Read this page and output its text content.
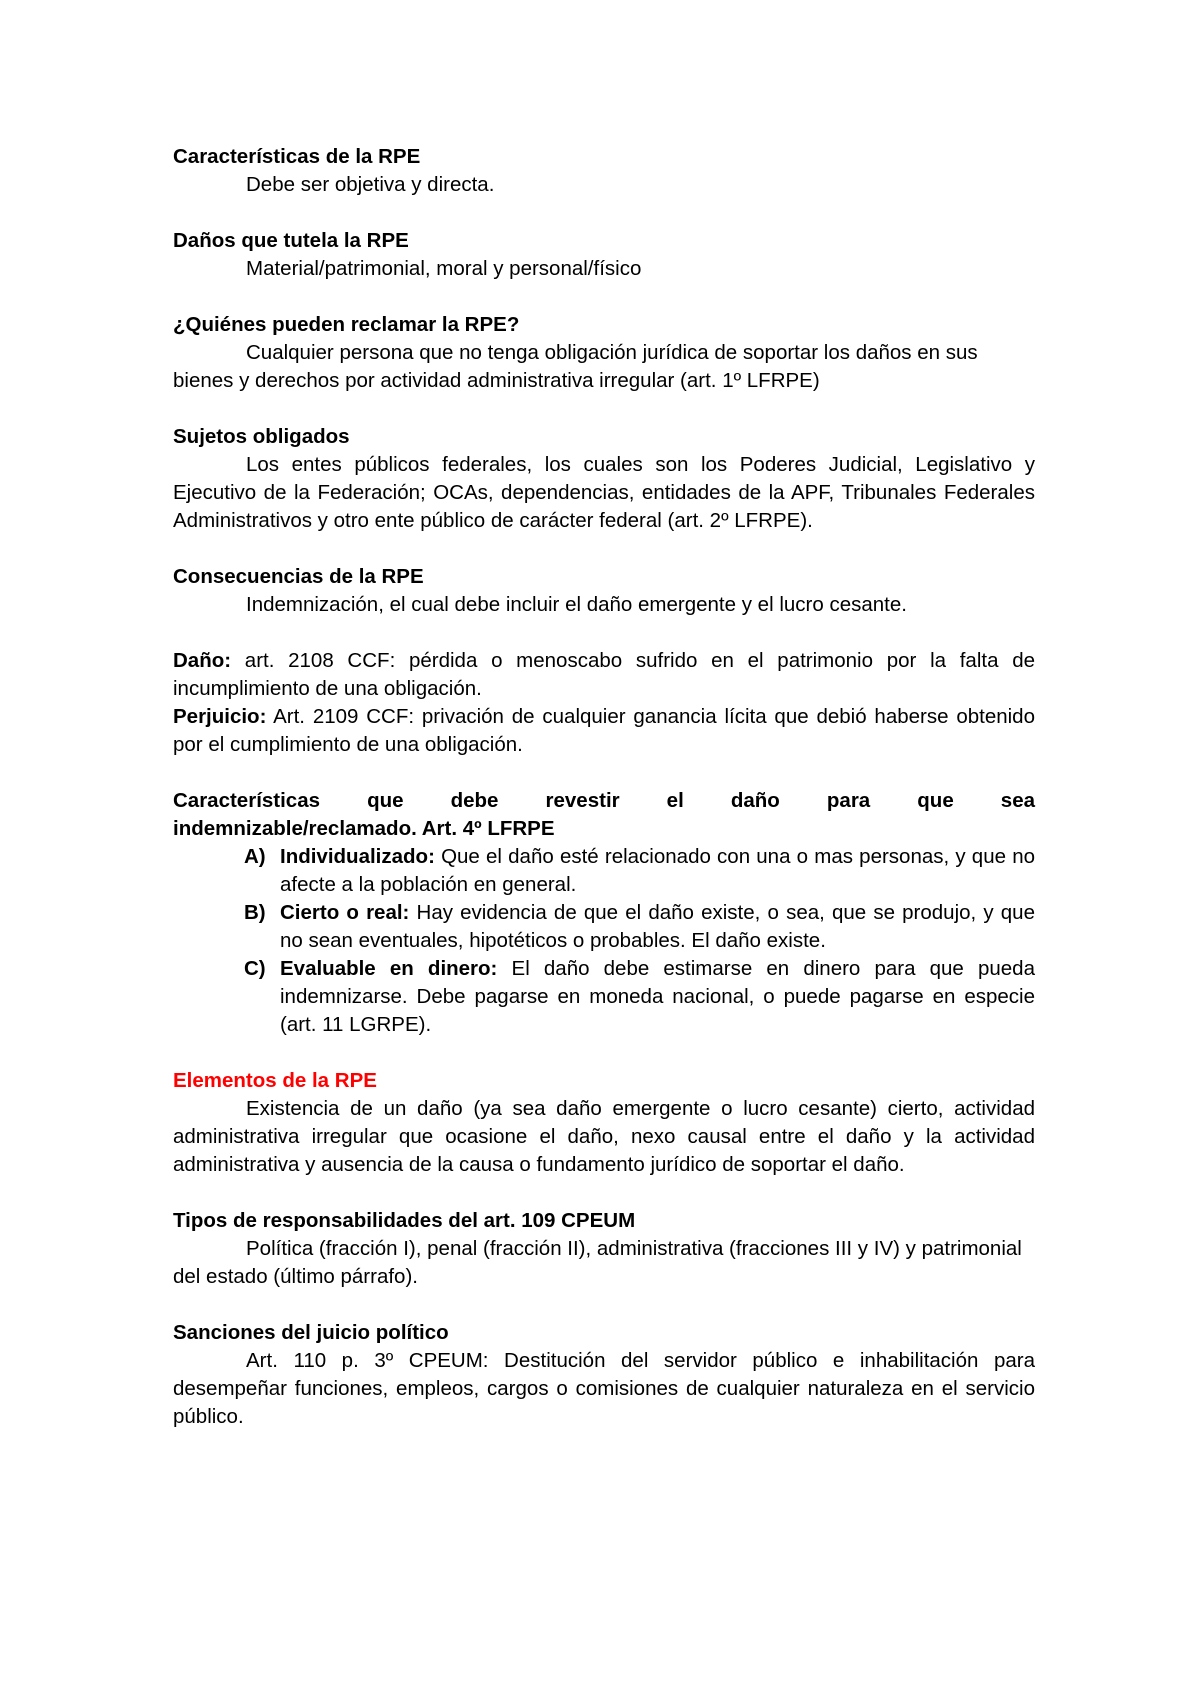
Características de la RPE

Debe ser objetiva y directa.

Daños que tutela la RPE

Material/patrimonial, moral y personal/físico

¿Quiénes pueden reclamar la RPE?

Cualquier persona que no tenga obligación jurídica de soportar los daños en sus bienes y derechos por actividad administrativa irregular (art. 1º LFRPE)

Sujetos obligados

Los entes públicos federales, los cuales son los Poderes Judicial, Legislativo y Ejecutivo de la Federación; OCAs, dependencias, entidades de la APF, Tribunales Federales Administrativos y otro ente público de carácter federal (art. 2º LFRPE).

Consecuencias de la RPE

Indemnización, el cual debe incluir el daño emergente y el lucro cesante.

Daño: art. 2108 CCF: pérdida o menoscabo sufrido en el patrimonio por la falta de incumplimiento de una obligación.

Perjuicio: Art. 2109 CCF: privación de cualquier ganancia lícita que debió haberse obtenido por el cumplimiento de una obligación.

Características que debe revestir el daño para que sea
indemnizable/reclamado. Art. 4º LFRPE
A) Individualizado: Que el daño esté relacionado con una o mas personas, y que no afecte a la población en general.
B) Cierto o real: Hay evidencia de que el daño existe, o sea, que se produjo, y que no sean eventuales, hipotéticos o probables. El daño existe.
C) Evaluable en dinero: El daño debe estimarse en dinero para que pueda indemnizarse. Debe pagarse en moneda nacional, o puede pagarse en especie (art. 11 LGRPE).
Elementos de la RPE

Existencia de un daño (ya sea daño emergente o lucro cesante) cierto, actividad administrativa irregular que ocasione el daño, nexo causal entre el daño y la actividad administrativa y ausencia de la causa o fundamento jurídico de soportar el daño.

Tipos de responsabilidades del art. 109 CPEUM

Política (fracción I), penal (fracción II), administrativa (fracciones III y IV) y patrimonial del estado (último párrafo).

Sanciones del juicio político

Art. 110 p. 3º CPEUM: Destitución del servidor público e inhabilitación para desempeñar funciones, empleos, cargos o comisiones de cualquier naturaleza en el servicio público.
